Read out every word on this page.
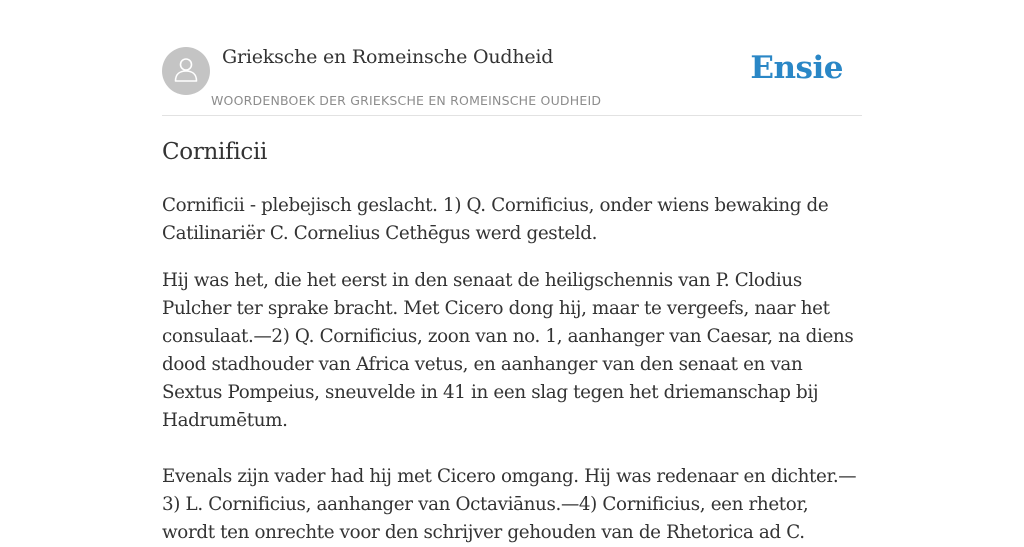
Grieksche en Romeinsche Oudheid
WOORDENBOEK DER GRIEKSCHE EN ROMEINSCHE OUDHEID
Ensie
Cornificii

Cornificii - plebejisch geslacht. 1) Q. Cornificius, onder wiens bewaking de Catilinariër C. Cornelius Cethēgus werd gesteld.

Hij was het, die het eerst in den senaat de heiligschennis van P. Clodius Pulcher ter sprake bracht. Met Cicero dong hij, maar te vergeefs, naar het consulaat.—2) Q. Cornificius, zoon van no. 1, aanhanger van Caesar, na diens dood stadhouder van Africa vetus, en aanhanger van den senaat en van Sextus Pompeius, sneuvelde in 41 in een slag tegen het driemanschap bij Hadrumētum.

Evenals zijn vader had hij met Cicero omgang. Hij was redenaar en dichter.—3) L. Cornificius, aanhanger van Octaviānus.—4) Cornificius, een rhetor, wordt ten onrechte voor den schrijver gehouden van de Rhetorica ad C.
